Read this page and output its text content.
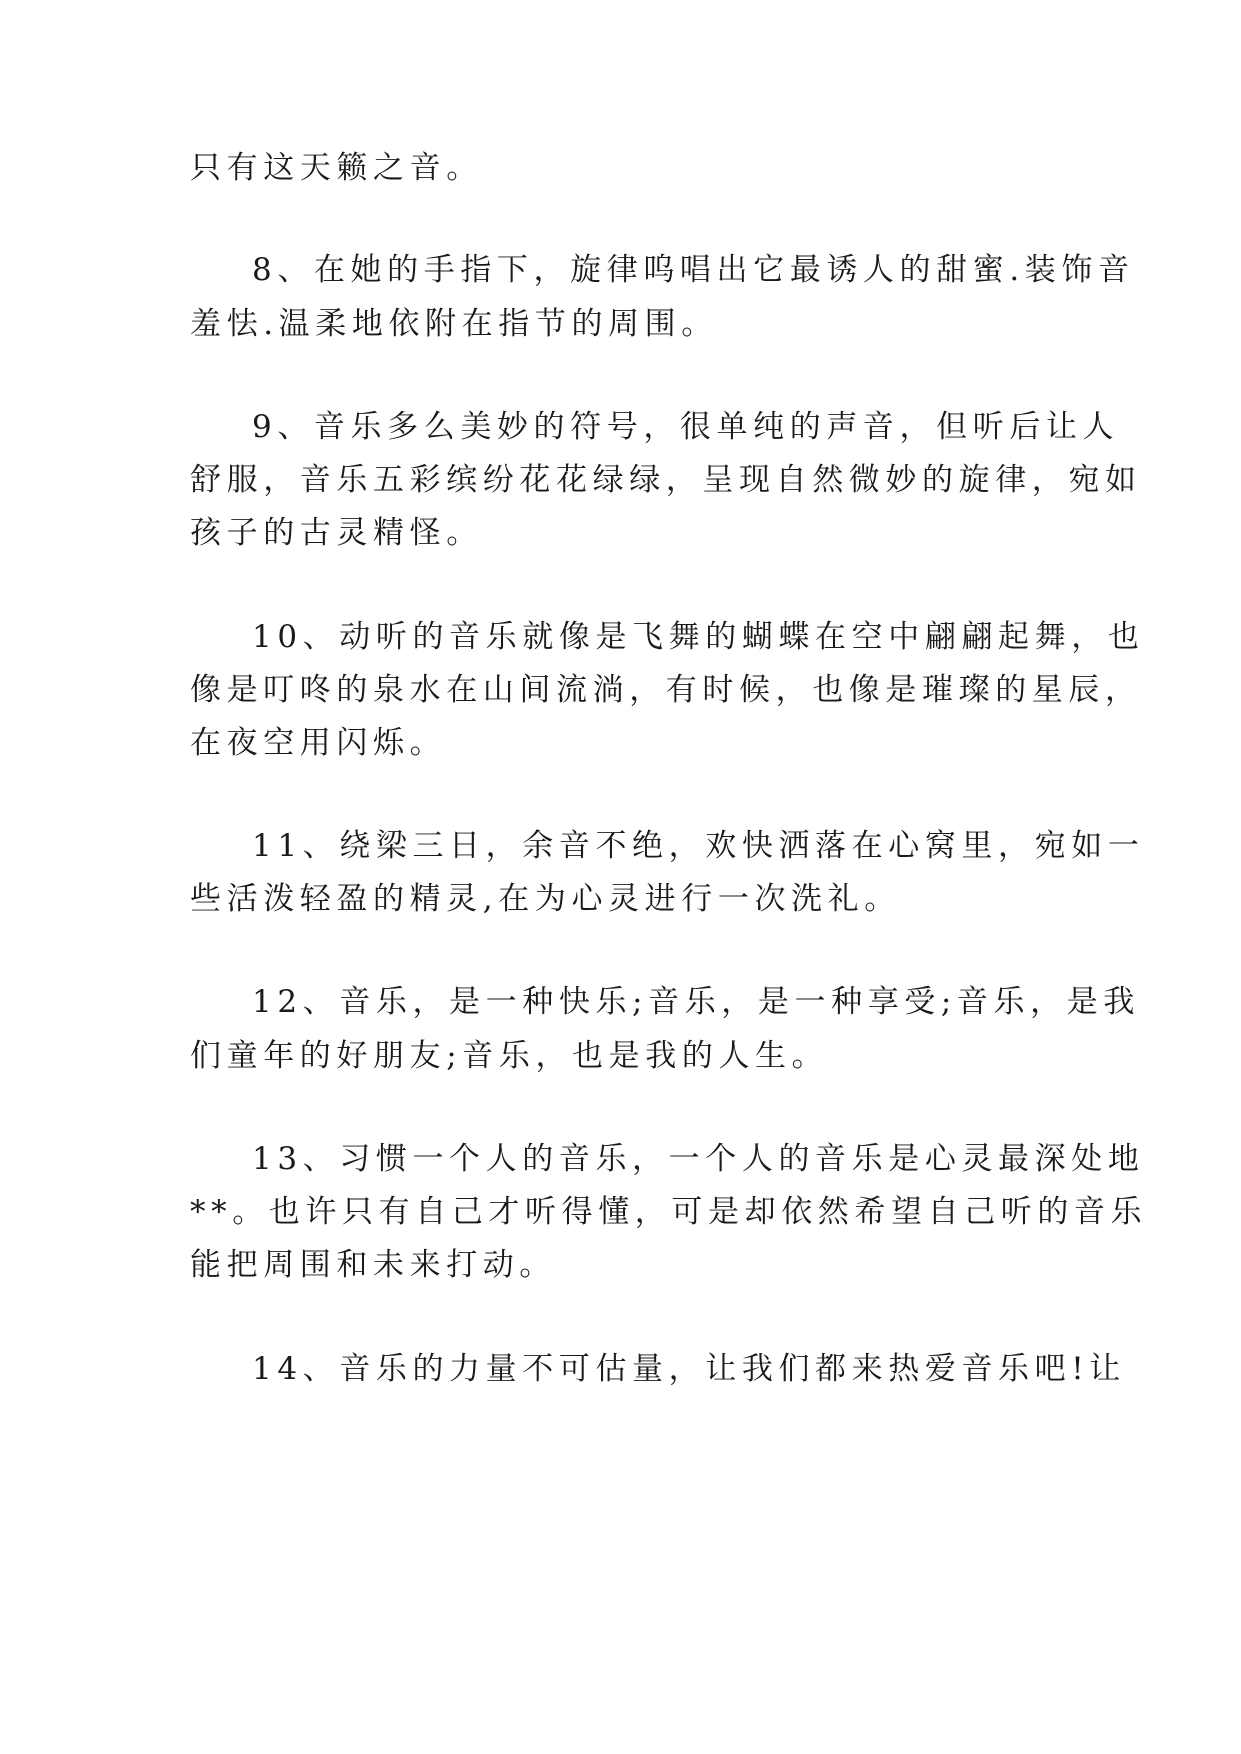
只有这天籁之音。
8、在她的手指下，旋律呜唱出它最诱人的甜蜜.装饰音
羞怯.温柔地依附在指节的周围。
9、音乐多么美妙的符号，很单纯的声音，但听后让人
舒服，音乐五彩缤纷花花绿绿，呈现自然微妙的旋律，宛如
孩子的古灵精怪。
10、动听的音乐就像是飞舞的蝴蝶在空中翩翩起舞，也
像是叮咚的泉水在山间流淌，有时候，也像是璀璨的星辰，
在夜空用闪烁。
11、绕梁三日，余音不绝，欢快洒落在心窝里，宛如一
些活泼轻盈的精灵,在为心灵进行一次洗礼。
12、音乐，是一种快乐;音乐，是一种享受;音乐，是我
们童年的好朋友;音乐，也是我的人生。
13、习惯一个人的音乐，一个人的音乐是心灵最深处地
**。也许只有自己才听得懂，可是却依然希望自己听的音乐
能把周围和未来打动。
14、音乐的力量不可估量，让我们都来热爱音乐吧!让
